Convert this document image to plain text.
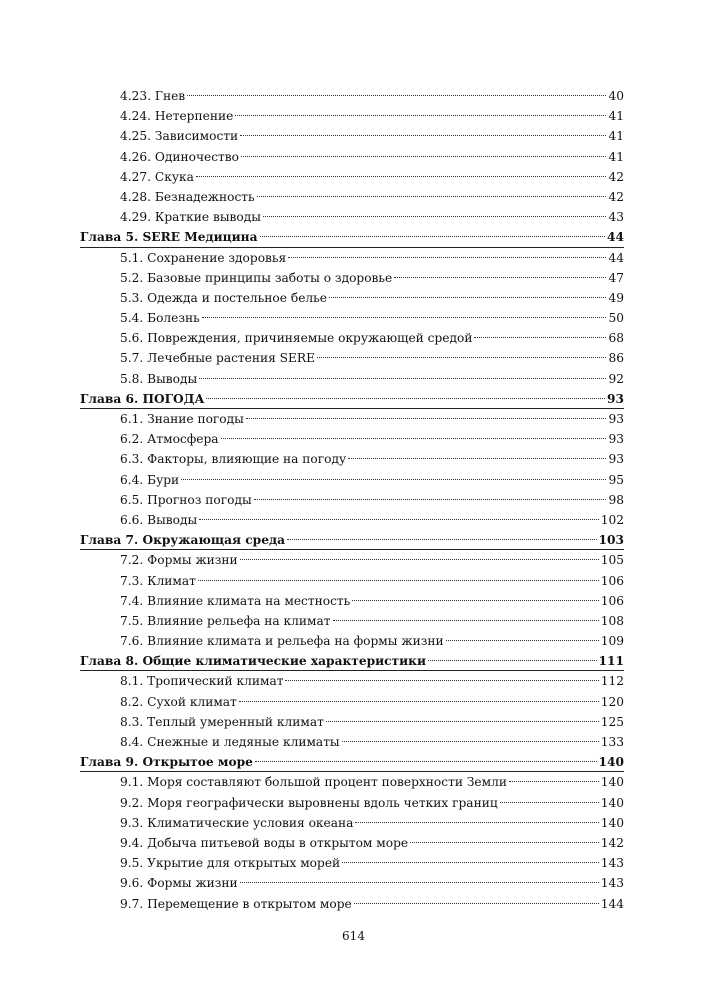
4.23. Гнев	40
4.24. Нетерпение	41
4.25. Зависимости	41
4.26. Одиночество	41
4.27. Скука	42
4.28. Безнадежность	42
4.29. Краткие выводы	43
Глава 5. SERE Медицина	44
5.1. Сохранение здоровья	44
5.2. Базовые принципы заботы о здоровье	47
5.3. Одежда и постельное белье	49
5.4. Болезнь	50
5.6. Повреждения, причиняемые окружающей средой	68
5.7. Лечебные растения SERE	86
5.8. Выводы	92
Глава 6. ПОГОДА	93
6.1. Знание погоды	93
6.2. Атмосфера	93
6.3. Факторы, влияющие на погоду	93
6.4. Бури	95
6.5. Прогноз погоды	98
6.6. Выводы	102
Глава 7. Окружающая среда	103
7.2. Формы жизни	105
7.3. Климат	106
7.4. Влияние климата на местность	106
7.5. Влияние рельефа на климат	108
7.6. Влияние климата и рельефа на формы жизни	109
Глава 8. Общие климатические характеристики	111
8.1. Тропический климат	112
8.2. Сухой климат	120
8.3. Теплый умеренный климат	125
8.4. Снежные и ледяные климаты	133
Глава 9. Открытое море	140
9.1. Моря составляют большой процент поверхности Земли	140
9.2. Моря географически выровнены вдоль четких границ	140
9.3. Климатические условия океана	140
9.4. Добыча питьевой воды в открытом море	142
9.5. Укрытие для открытых морей	143
9.6. Формы жизни	143
9.7. Перемещение в открытом море	144
614
